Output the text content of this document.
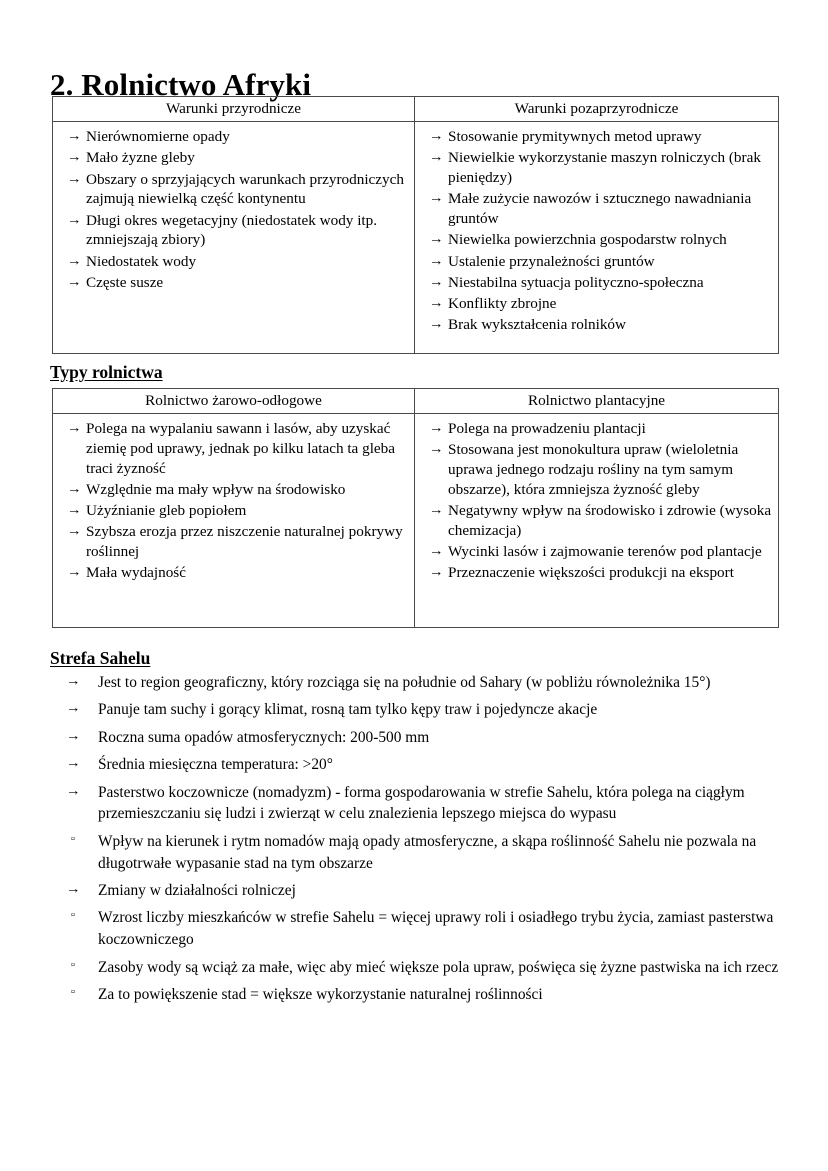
2. Rolnictwo Afryki
Warunki przyrodnicze	Warunki pozaprzyrodnicze

→ Nierównomierne opady
→ Mało żyzne gleby
→ Obszary o sprzyjających warunkach przyrodniczych zajmują niewielką część kontynentu
→ Długi okres wegetacyjny (niedostatek wody itp. zmniejszają zbiory)
→ Niedostatek wody
→ Częste susze

→ Stosowanie prymitywnych metod uprawy
→ Niewielkie wykorzystanie maszyn rolniczych (brak pieniędzy)
→ Małe zużycie nawozów i sztucznego nawadniania gruntów
→ Niewielka powierzchnia gospodarstw rolnych
→ Ustalenie przynależności gruntów
→ Niestabilna sytuacja polityczno-społeczna
→ Konflikty zbrojne
→ Brak wykształcenia rolników
Typy rolnictwa
Rolnictwo żarowo-odłogowe	Rolnictwo plantacyjne

→ Polega na wypalaniu sawann i lasów, aby uzyskać ziemię pod uprawy, jednak po kilku latach ta gleba traci żyzność
→ Względnie ma mały wpływ na środowisko
→ Użyźnianie gleb popiołem
→ Szybsza erozja przez niszczenie naturalnej pokrywy roślinnej
→ Mała wydajność

→ Polega na prowadzeniu plantacji
→ Stosowana jest monokultura upraw (wieloletnia uprawa jednego rodzaju rośliny na tym samym obszarze), która zmniejsza żyzność gleby
→ Negatywny wpływ na środowisko i zdrowie (wysoka chemizacja)
→ Wycinki lasów i zajmowanie terenów pod plantacje
→ Przeznaczenie większości produkcji na eksport
Strefa Sahelu
→	Jest to region geograficzny, który rozciąga się na południe od Sahary (w pobliżu równoleżnika 15°)
→	Panuje tam suchy i gorący klimat, rosną tam tylko kępy traw i pojedyncze akacje
→	Roczna suma opadów atmosferycznych: 200-500 mm
→	Średnia miesięczna temperatura: >20°
→	Pasterstwo koczownicze (nomadyzm) - forma gospodarowania w strefie Sahelu, która polega na ciągłym przemieszczaniu się ludzi i zwierząt w celu znalezienia lepszego miejsca do wypasu
▫	Wpływ na kierunek i rytm nomadów mają opady atmosferyczne, a skąpa roślinność Sahelu nie pozwala na długotrwałe wypasanie stad na tym obszarze
→	Zmiany w działalności rolniczej
▫	Wzrost liczby mieszkańców w strefie Sahelu = więcej uprawy roli i osiadłego trybu życia, zamiast pasterstwa koczowniczego
▫	Zasoby wody są wciąż za małe, więc aby mieć większe pola upraw, poświęca się żyzne pastwiska na ich rzecz
▫	Za to powiększenie stad = większe wykorzystanie naturalnej roślinności
